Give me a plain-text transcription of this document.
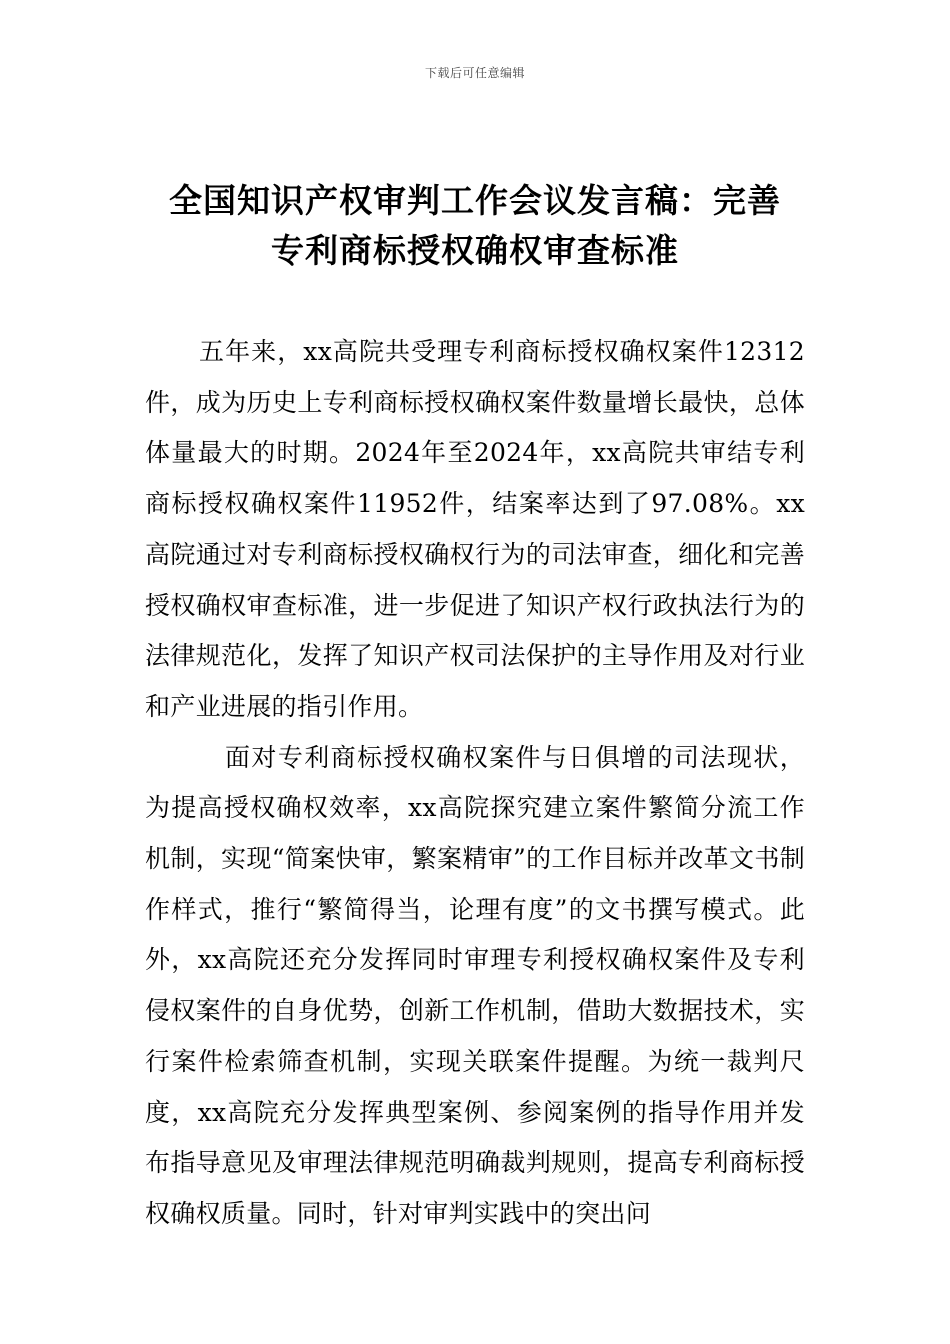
下载后可任意编辑
全国知识产权审判工作会议发言稿：完善
专利商标授权确权审查标准

五年来，xx高院共受理专利商标授权确权案件12312件，成为历史上专利商标授权确权案件数量增长最快，总体体量最大的时期。2024年至2024年，xx高院共审结专利商标授权确权案件11952件，结案率达到了97.08%。xx高院通过对专利商标授权确权行为的司法审查，细化和完善授权确权审查标准，进一步促进了知识产权行政执法行为的法律规范化，发挥了知识产权司法保护的主导作用及对行业和产业进展的指引作用。

面对专利商标授权确权案件与日俱增的司法现状，为提高授权确权效率，xx高院探究建立案件繁简分流工作机制，实现“简案快审，繁案精审”的工作目标并改革文书制作样式，推行“繁简得当，论理有度”的文书撰写模式。此外，xx高院还充分发挥同时审理专利授权确权案件及专利侵权案件的自身优势，创新工作机制，借助大数据技术，实行案件检索筛查机制，实现关联案件提醒。为统一裁判尺度，xx高院充分发挥典型案例、参阅案例的指导作用并发布指导意见及审理法律规范明确裁判规则，提高专利商标授权确权质量。同时，针对审判实践中的突出问
